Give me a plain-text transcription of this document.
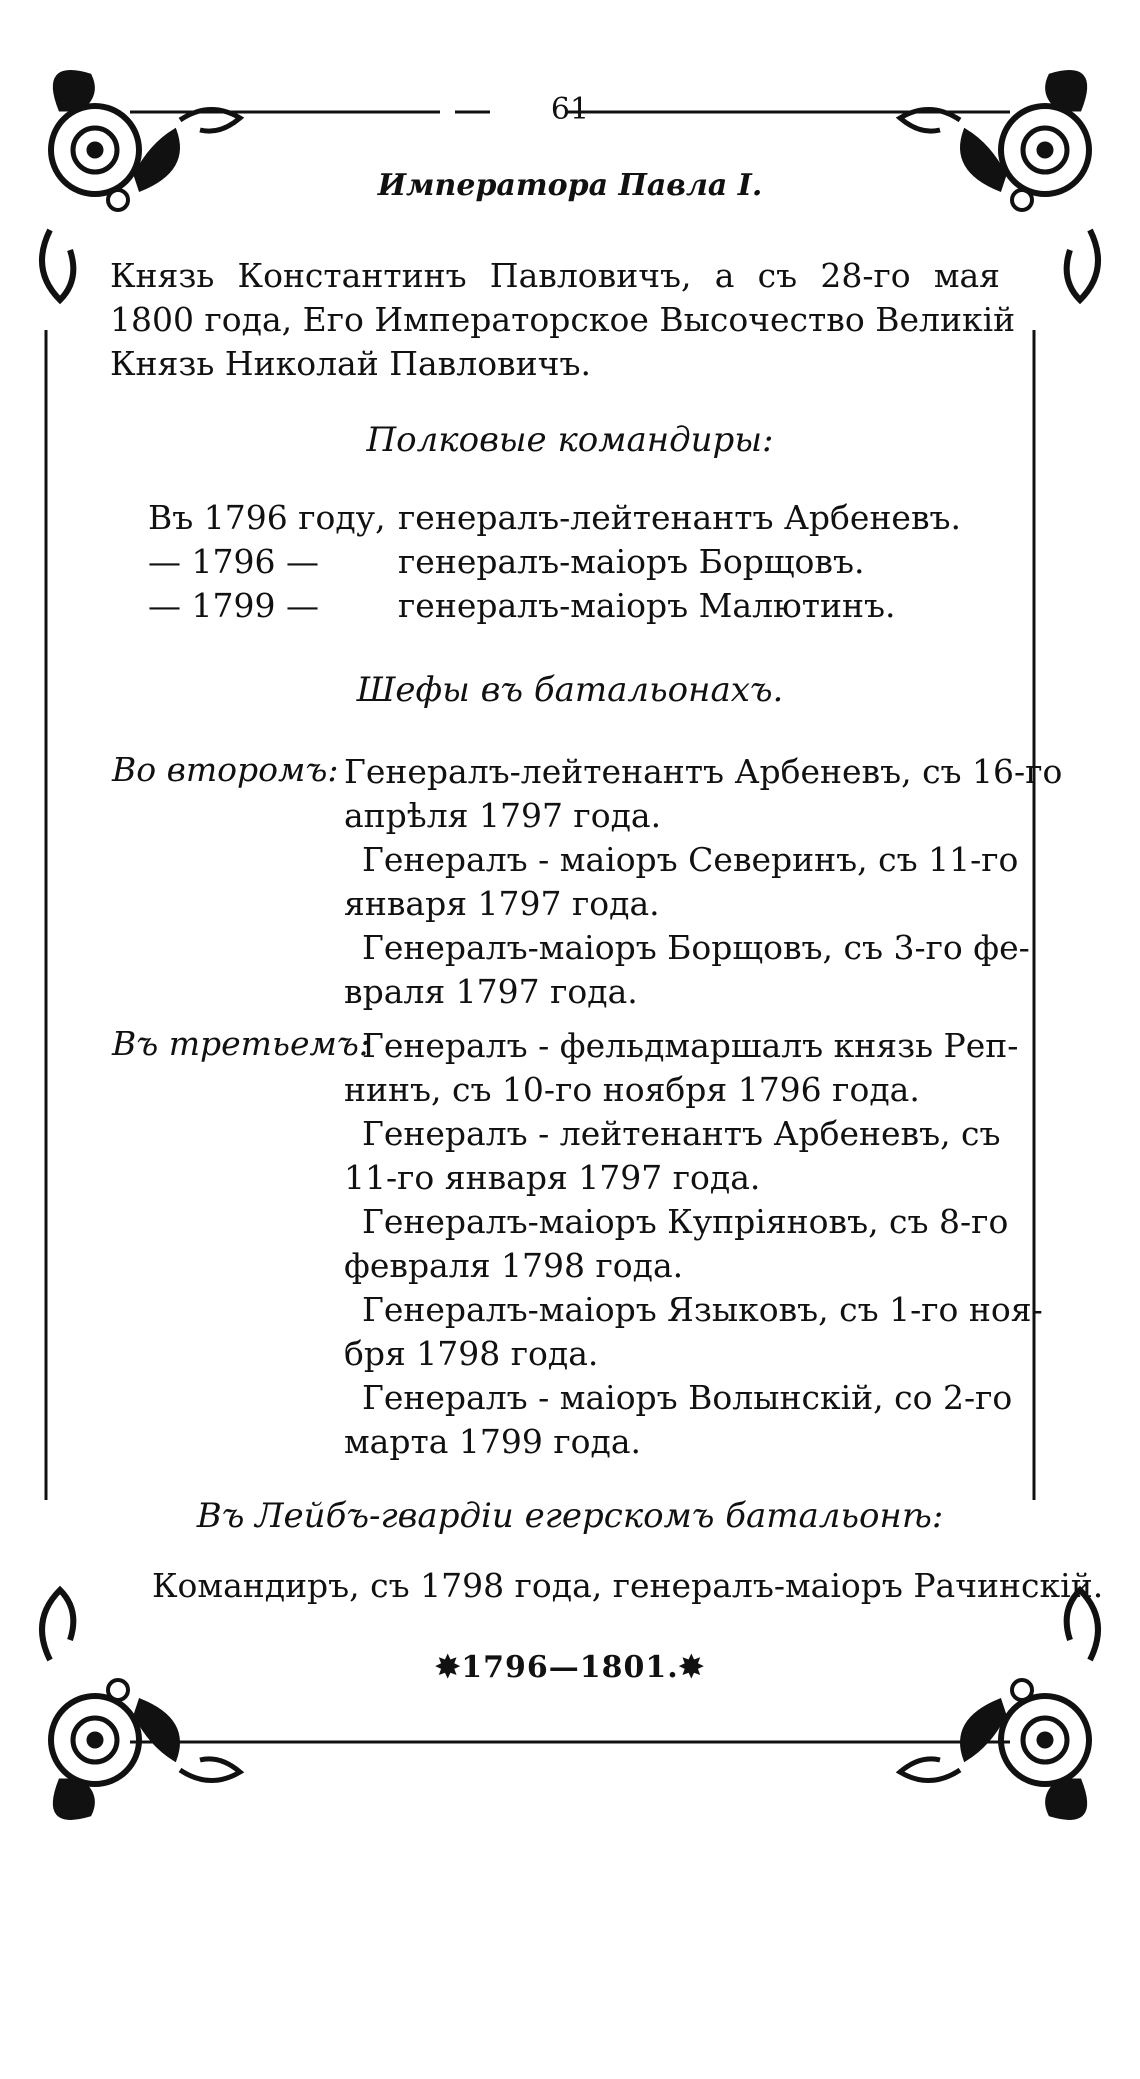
61
Императора Павла I.
Князь Константинъ Павловичъ, а съ 28-го мая
1800 года, Его Императорское Высочество Великій
Князь Николай Павловичъ.
Полковые командиры:
Въ 1796 году, генералъ-лейтенантъ Арбеневъ.
— 1796 — генералъ-маіоръ Борщовъ.
— 1799 — генералъ-маіоръ Малютинъ.
Шефы въ батальонахъ.
Во второмъ: Генералъ-лейтенантъ Арбеневъ, съ 16-го
апрѣля 1797 года.
Генералъ - маіоръ Северинъ, съ 11-го
января 1797 года.
Генералъ-маіоръ Борщовъ, съ 3-го фе-
враля 1797 года.
Въ третьемъ:
Генералъ - фельдмаршалъ князь Реп-
нинъ, съ 10-го ноября 1796 года.
Генералъ - лейтенантъ Арбеневъ, съ
11-го января 1797 года.
Генералъ-маіоръ Купріяновъ, съ 8-го
февраля 1798 года.
Генералъ-маіоръ Языковъ, съ 1-го ноя-
бря 1798 года.
Генералъ - маіоръ Волынскій, со 2-го
марта 1799 года.
Въ Лейбъ-гвардіи егерскомъ батальонѣ:
Командиръ, съ 1798 года, генералъ-маіоръ Рачинскій.
✸1796—1801.✸
